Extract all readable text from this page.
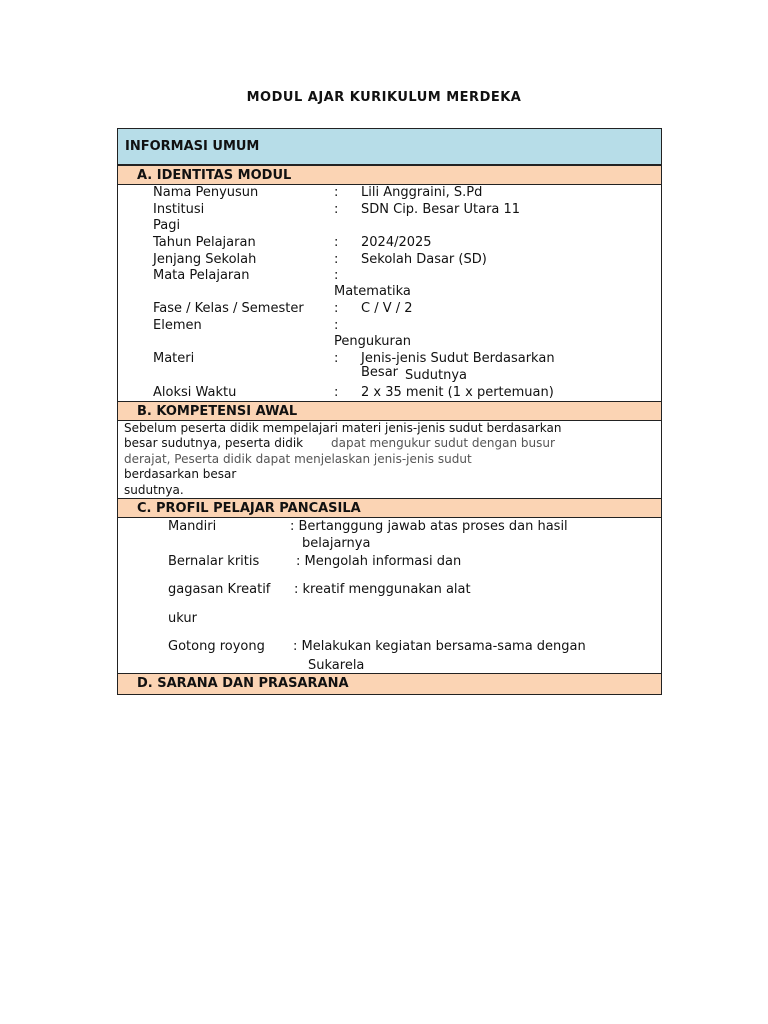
MODUL AJAR KURIKULUM MERDEKA
INFORMASI UMUM
A. IDENTITAS MODUL
Nama Penyusun	: Lili Anggraini, S.Pd
Institusi	: SDN Cip. Besar Utara 11
Pagi
Tahun Pelajaran	: 2024/2025
Jenjang Sekolah	: Sekolah Dasar (SD)
Mata Pelajaran	:
Matematika
Fase / Kelas / Semester : C / V / 2
Elemen	:
Pengukuran
Materi	: Jenis-jenis Sudut Berdasarkan
Besar Sudutnya
Aloksi Waktu	: 2 x 35 menit (1 x pertemuan)
B. KOMPETENSI AWAL
Sebelum peserta didik mempelajari materi jenis-jenis sudut berdasarkan
besar sudutnya, peserta didik dapat mengukur sudut dengan busur
derajat, Peserta didik dapat menjelaskan jenis-jenis sudut
berdasarkan besar
sudutnya.
C. PROFIL PELAJAR PANCASILA
Mandiri	: Bertanggung jawab atas proses dan hasil
belajarnya
Bernalar kritis	: Mengolah informasi dan
gagasan Kreatif : kreatif menggunakan alat
ukur
Gotong royong : Melakukan kegiatan bersama-sama dengan
Sukarela
D. SARANA DAN PRASARANA
